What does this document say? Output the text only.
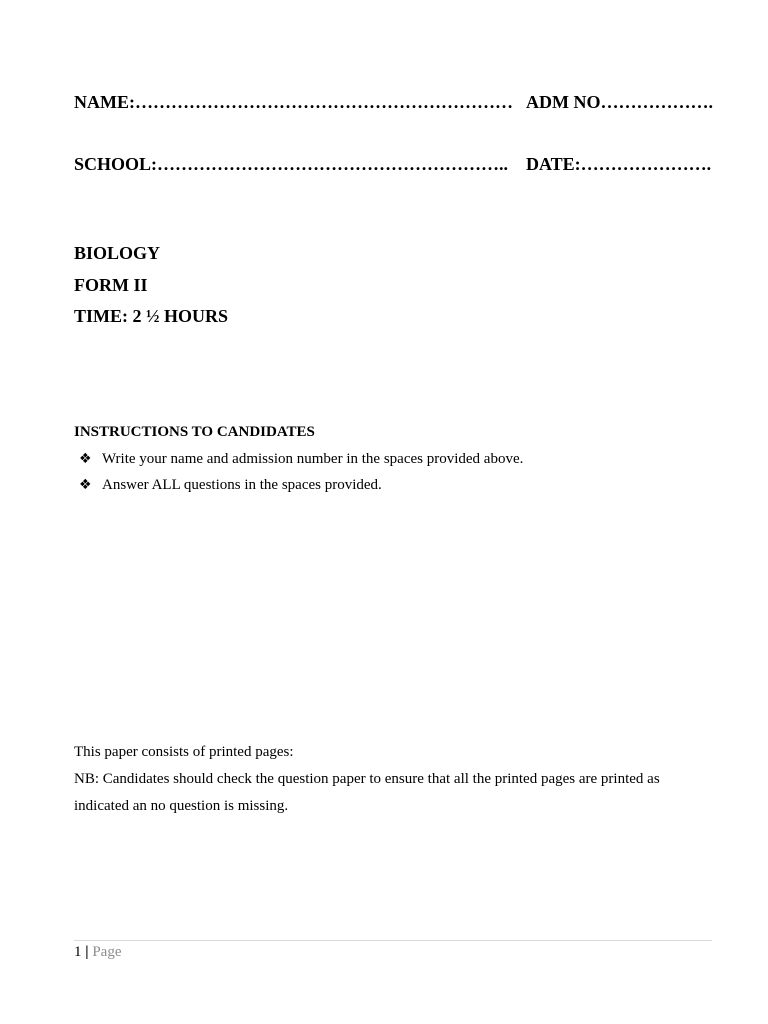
NAME:……………………………………………………… ADM NO……………….
SCHOOL:………………………………………………….. DATE:………………….
BIOLOGY
FORM II
TIME: 2 ½ HOURS
INSTRUCTIONS TO CANDIDATES
❖ Write your name and admission number in the spaces provided above.
❖ Answer ALL questions in the spaces provided.

This paper consists of printed pages:

NB: Candidates should check the question paper to ensure that all the printed pages are printed as indicated an no question is missing.

1 | Page
